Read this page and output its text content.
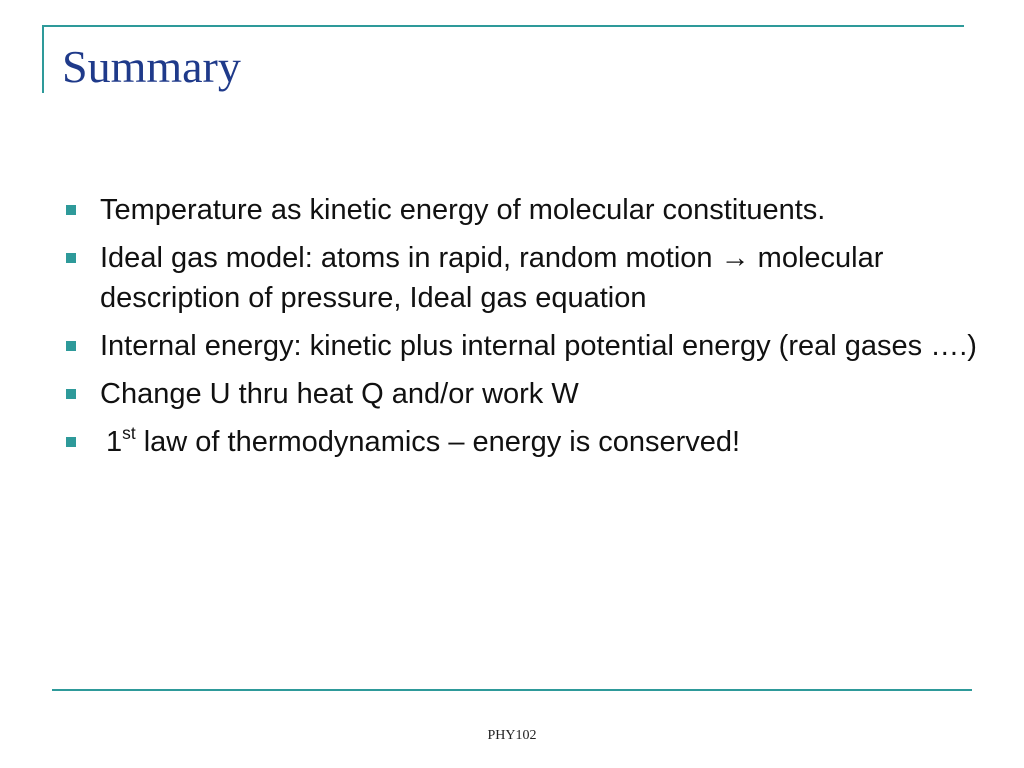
Summary
Temperature as kinetic energy of molecular constituents.
Ideal gas model: atoms in rapid, random motion → molecular description of pressure, Ideal gas equation
Internal energy: kinetic plus internal potential energy (real gases ….)
Change U thru heat Q and/or work W
1st law of thermodynamics – energy is conserved!
PHY102
